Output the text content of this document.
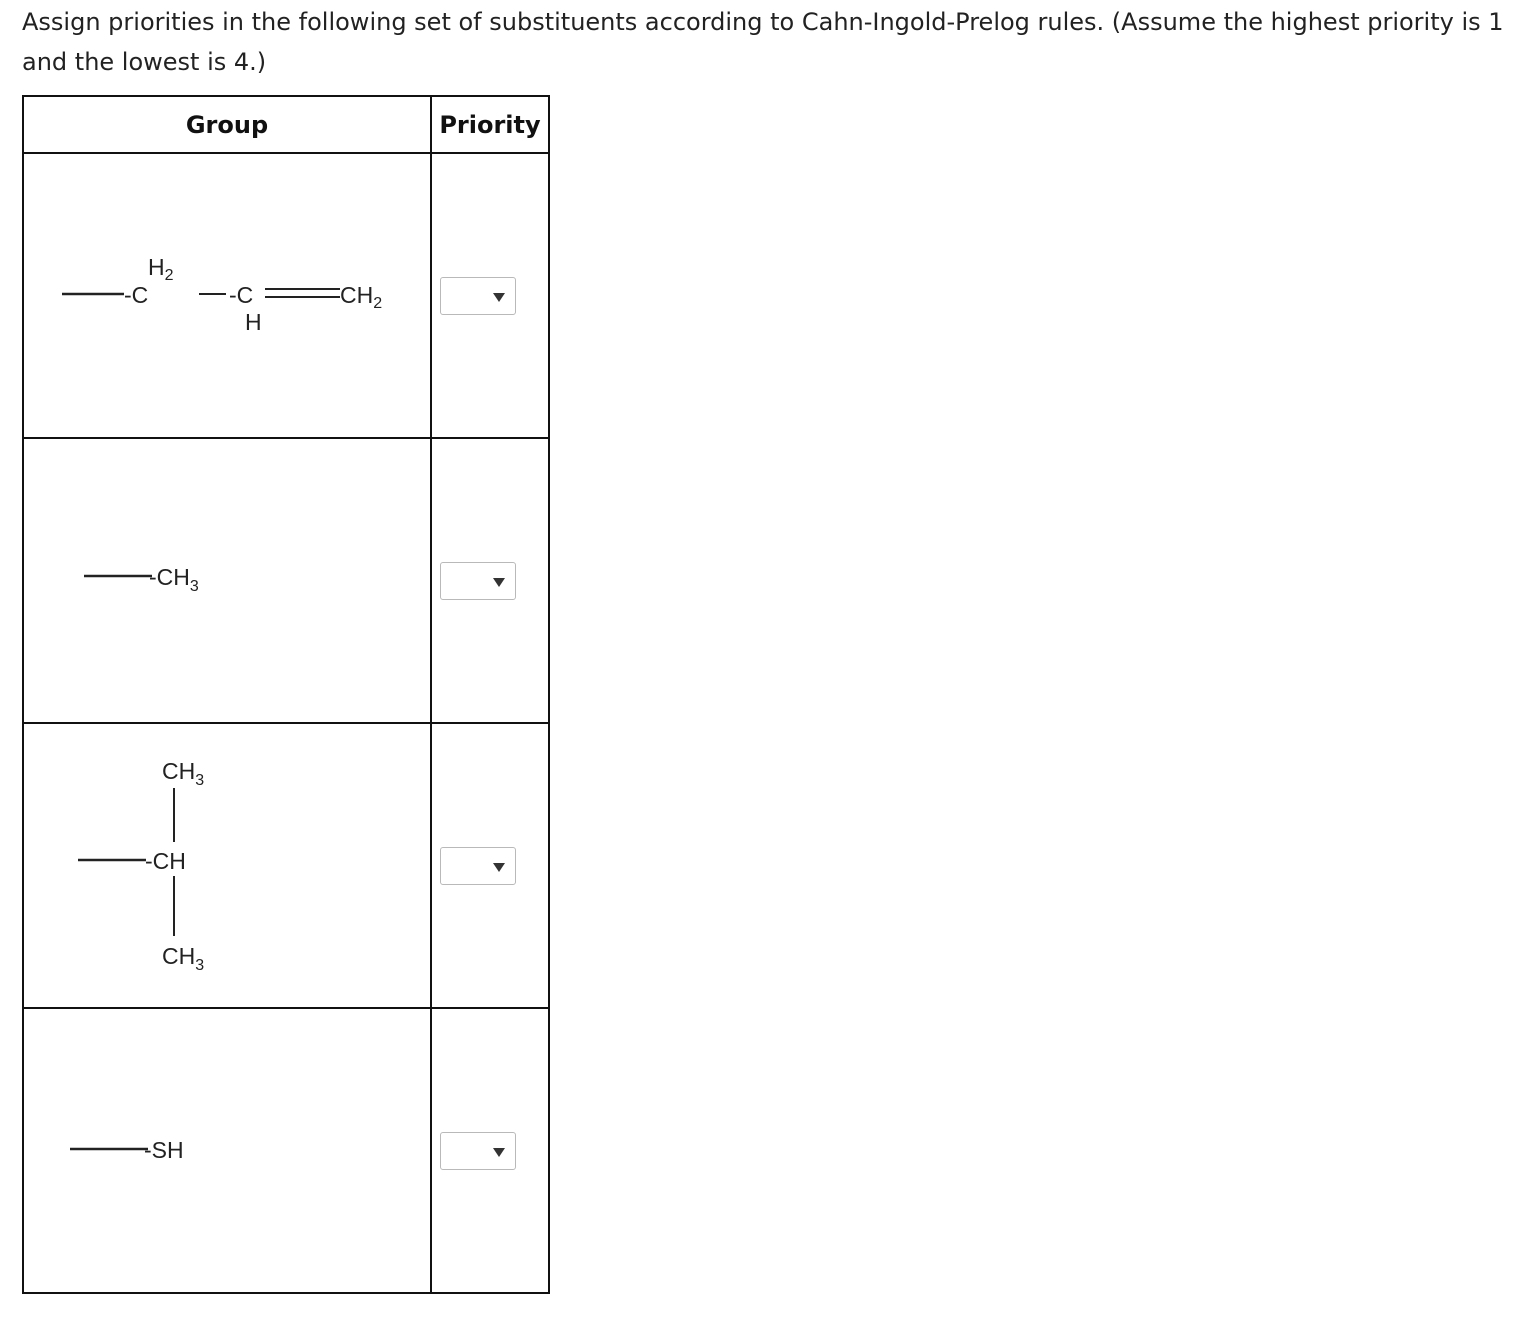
Assign priorities in the following set of substituents according to Cahn-Ingold-Prelog rules. (Assume the highest priority is 1 and the lowest is 4.)
Group	Priority

$H_2$
-C -C
H
$CH_2$

$-CH_3$

$CH_3$
-CH
$CH_3$

-SH	
